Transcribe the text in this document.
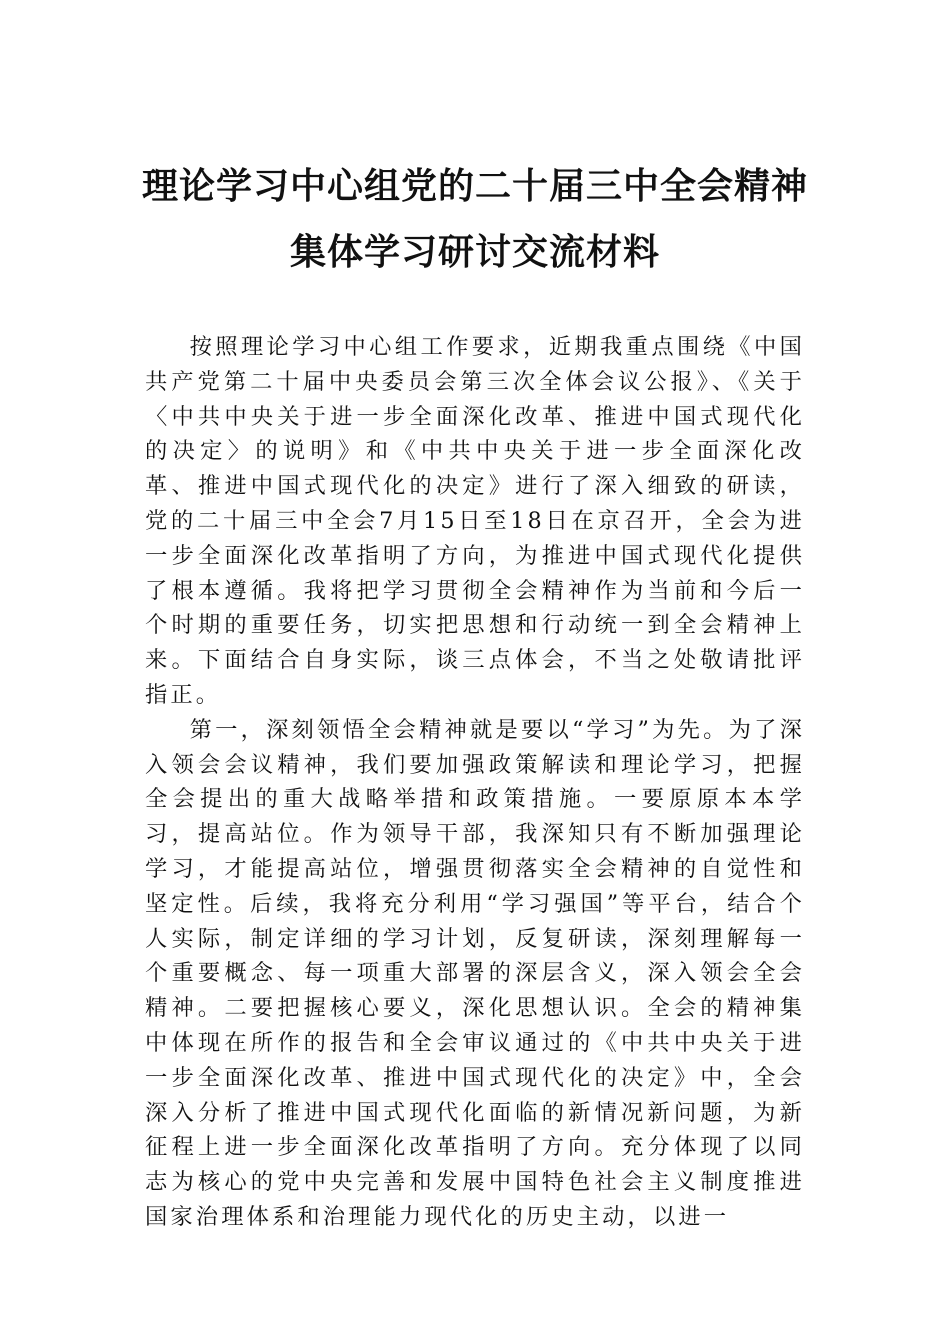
理论学习中心组党的二十届三中全会精神
集体学习研讨交流材料

按照理论学习中心组工作要求，近期我重点围绕《中国共产党第二十届中央委员会第三次全体会议公报》、《关于〈中共中央关于进一步全面深化改革、推进中国式现代化的决定〉的说明》和《中共中央关于进一步全面深化改革、推进中国式现代化的决定》进行了深入细致的研读，党的二十届三中全会7月15日至18日在京召开，全会为进一步全面深化改革指明了方向，为推进中国式现代化提供了根本遵循。我将把学习贯彻全会精神作为当前和今后一个时期的重要任务，切实把思想和行动统一到全会精神上来。下面结合自身实际，谈三点体会，不当之处敬请批评指正。

第一，深刻领悟全会精神就是要以“学习”为先。为了深入领会会议精神，我们要加强政策解读和理论学习，把握全会提出的重大战略举措和政策措施。一要原原本本学习，提高站位。作为领导干部，我深知只有不断加强理论学习，才能提高站位，增强贯彻落实全会精神的自觉性和坚定性。后续，我将充分利用“学习强国”等平台，结合个人实际，制定详细的学习计划，反复研读，深刻理解每一个重要概念、每一项重大部署的深层含义，深入领会全会精神。二要把握核心要义，深化思想认识。全会的精神集中体现在所作的报告和全会审议通过的《中共中央关于进一步全面深化改革、推进中国式现代化的决定》中，全会深入分析了推进中国式现代化面临的新情况新问题，为新征程上进一步全面深化改革指明了方向。充分体现了以同志为核心的党中央完善和发展中国特色社会主义制度推进国家治理体系和治理能力现代化的历史主动，以进一
